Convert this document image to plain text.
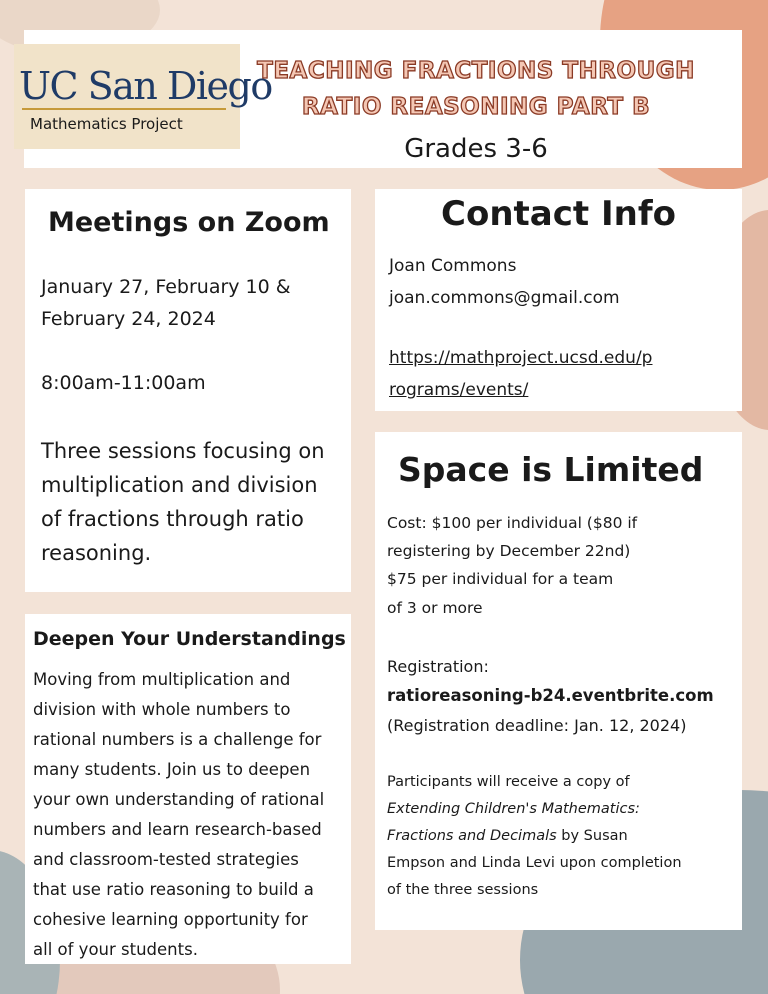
UC San Diego
Mathematics Project
TEACHING FRACTIONS THROUGH
RATIO REASONING PART B
Grades 3-6
Meetings on Zoom
January 27, February 10 &
February 24, 2024
8:00am-11:00am
Three sessions focusing on
multiplication and division
of fractions through ratio
reasoning.
Deepen Your Understandings
Moving from multiplication and
division with whole numbers to
rational numbers is a challenge for
many students. Join us to deepen
your own understanding of rational
numbers and learn research-based
and classroom-tested strategies
that use ratio reasoning to build a
cohesive learning opportunity for
all of your students.
Contact Info
Joan Commons
joan.commons@gmail.com
https://mathproject.ucsd.edu/p
rograms/events/
Space is Limited
Cost: $100 per individual ($80 if
registering by December 22nd)
$75 per individual for a team
of 3 or more
Registration:
ratioreasoning-b24.eventbrite.com
(Registration deadline: Jan. 12, 2024)
Participants will receive a copy of
Extending Children's Mathematics:
Fractions and Decimals by Susan
Empson and Linda Levi upon completion
of the three sessions
